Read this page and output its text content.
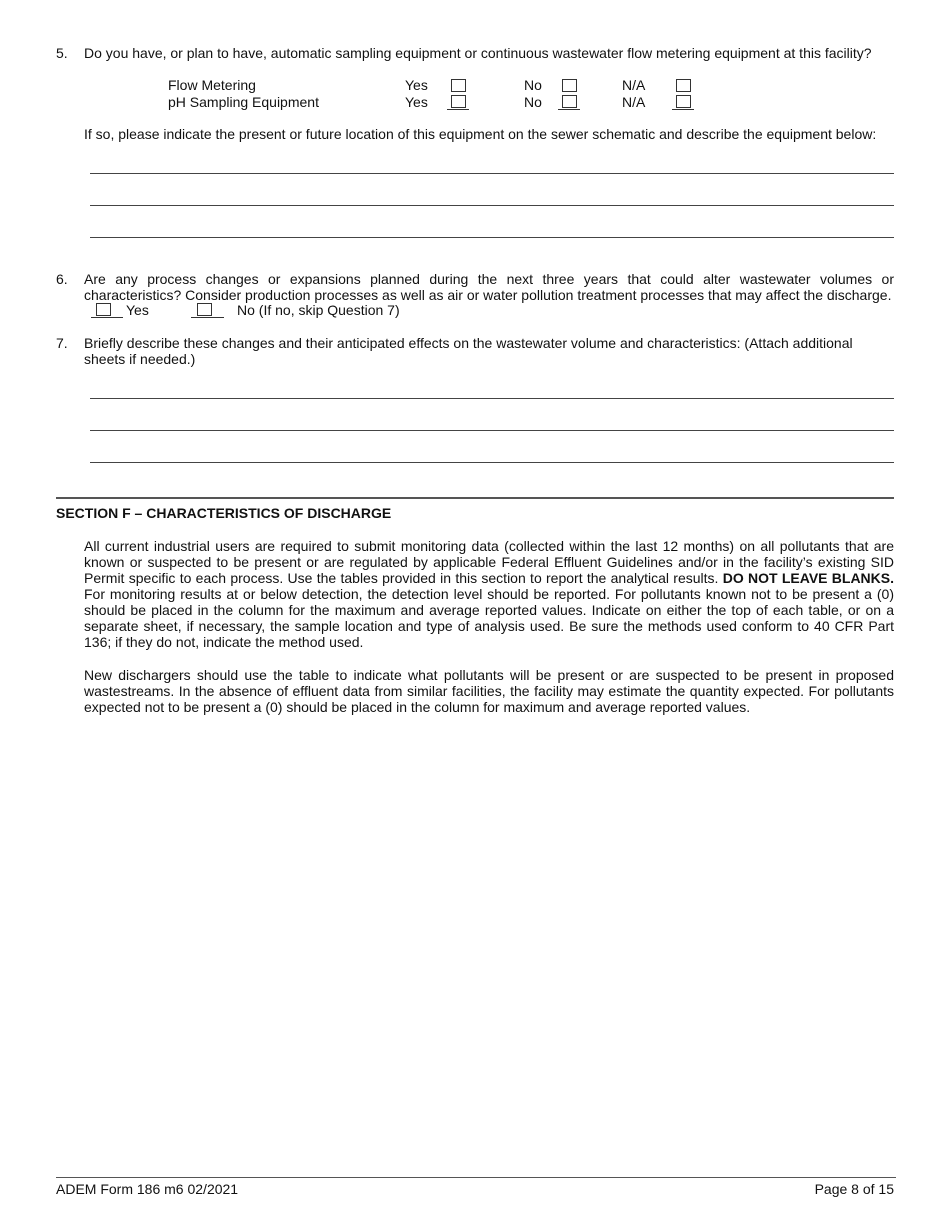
5. Do you have, or plan to have, automatic sampling equipment or continuous wastewater flow metering equipment at this facility?
Flow Metering	Yes	No	N/A
pH Sampling Equipment	Yes	No	N/A
If so, please indicate the present or future location of this equipment on the sewer schematic and describe the equipment below:
6. Are any process changes or expansions planned during the next three years that could alter wastewater volumes or
characteristics? Consider production processes as well as air or water pollution treatment processes that may affect the discharge.
Yes	No (If no, skip Question 7)
7. Briefly describe these changes and their anticipated effects on the wastewater volume and characteristics: (Attach additional
sheets if needed.)
SECTION F – CHARACTERISTICS OF DISCHARGE
All current industrial users are required to submit monitoring data (collected within the last 12 months) on all pollutants that are known or suspected to be present or are regulated by applicable Federal Effluent Guidelines and/or in the facility’s existing SID Permit specific to each process. Use the tables provided in this section to report the analytical results. DO NOT LEAVE BLANKS. For monitoring results at or below detection, the detection level should be reported. For pollutants known not to be present a (0) should be placed in the column for the maximum and average reported values. Indicate on either the top of each table, or on a separate sheet, if necessary, the sample location and type of analysis used. Be sure the methods used conform to 40 CFR Part 136; if they do not, indicate the method used.
New dischargers should use the table to indicate what pollutants will be present or are suspected to be present in proposed wastestreams. In the absence of effluent data from similar facilities, the facility may estimate the quantity expected. For pollutants expected not to be present a (0) should be placed in the column for maximum and average reported values.
ADEM Form 186 m6 02/2021	Page 8 of 15
